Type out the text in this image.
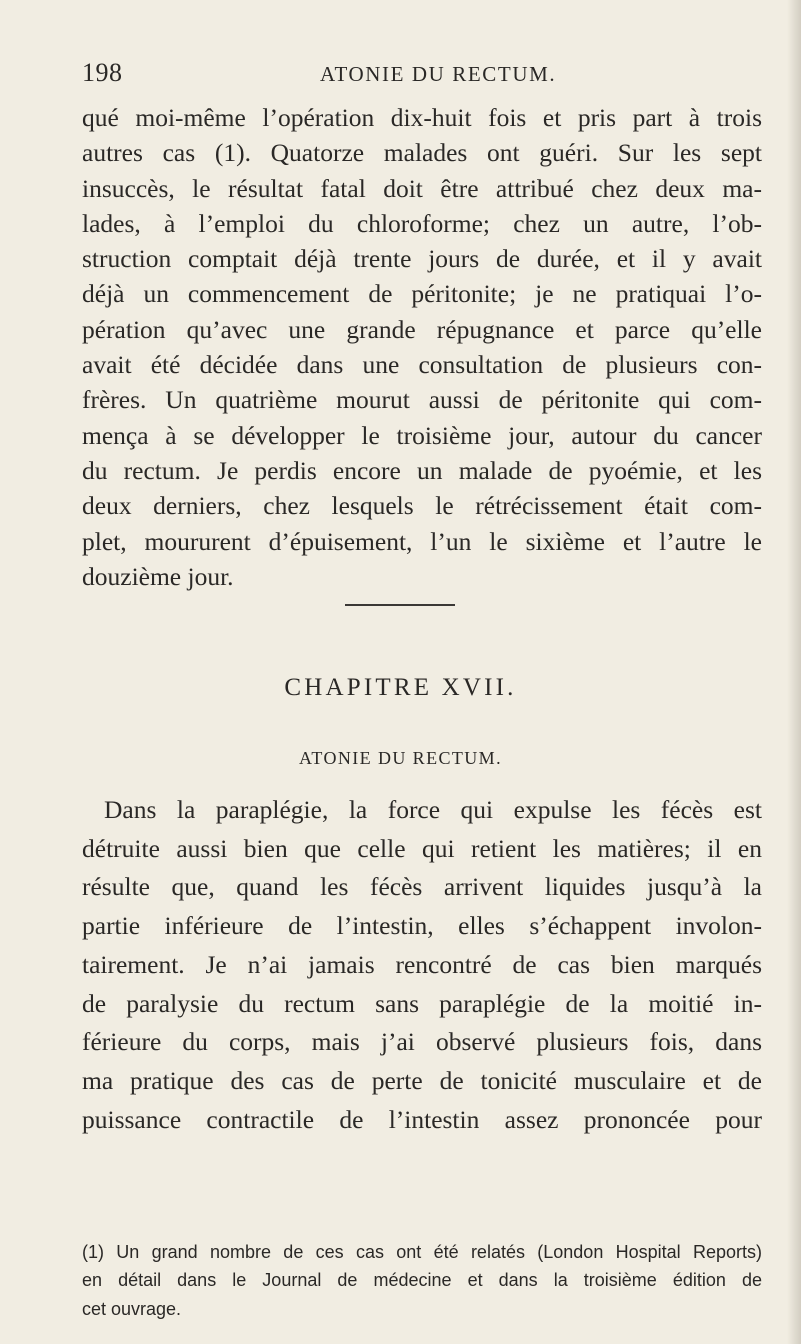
198	ATONIE DU RECTUM.

qué moi-même l’opération dix-huit fois et pris part à trois
autres cas (1). Quatorze malades ont guéri. Sur les sept
insuccès, le résultat fatal doit être attribué chez deux ma-
lades, à l’emploi du chloroforme; chez un autre, l’ob-
struction comptait déjà trente jours de durée, et il y avait
déjà un commencement de péritonite; je ne pratiquai l’o-
pération qu’avec une grande répugnance et parce qu’elle
avait été décidée dans une consultation de plusieurs con-
frères. Un quatrième mourut aussi de péritonite qui com-
mença à se développer le troisième jour, autour du cancer
du rectum. Je perdis encore un malade de pyoémie, et les
deux derniers, chez lesquels le rétrécissement était com-
plet, moururent d’épuisement, l’un le sixième et l’autre le
douzième jour.

CHAPITRE XVII.
ATONIE DU RECTUM.

Dans la paraplégie, la force qui expulse les fécès est
détruite aussi bien que celle qui retient les matières; il en
résulte que, quand les fécès arrivent liquides jusqu’à la
partie inférieure de l’intestin, elles s’échappent involon-
tairement. Je n’ai jamais rencontré de cas bien marqués
de paralysie du rectum sans paraplégie de la moitié in-
férieure du corps, mais j’ai observé plusieurs fois, dans
ma pratique des cas de perte de tonicité musculaire et de
puissance contractile de l’intestin assez prononcée pour

(1) Un grand nombre de ces cas ont été relatés (London Hospital Reports)
en détail dans le Journal de médecine et dans la troisième édition de
cet ouvrage.
